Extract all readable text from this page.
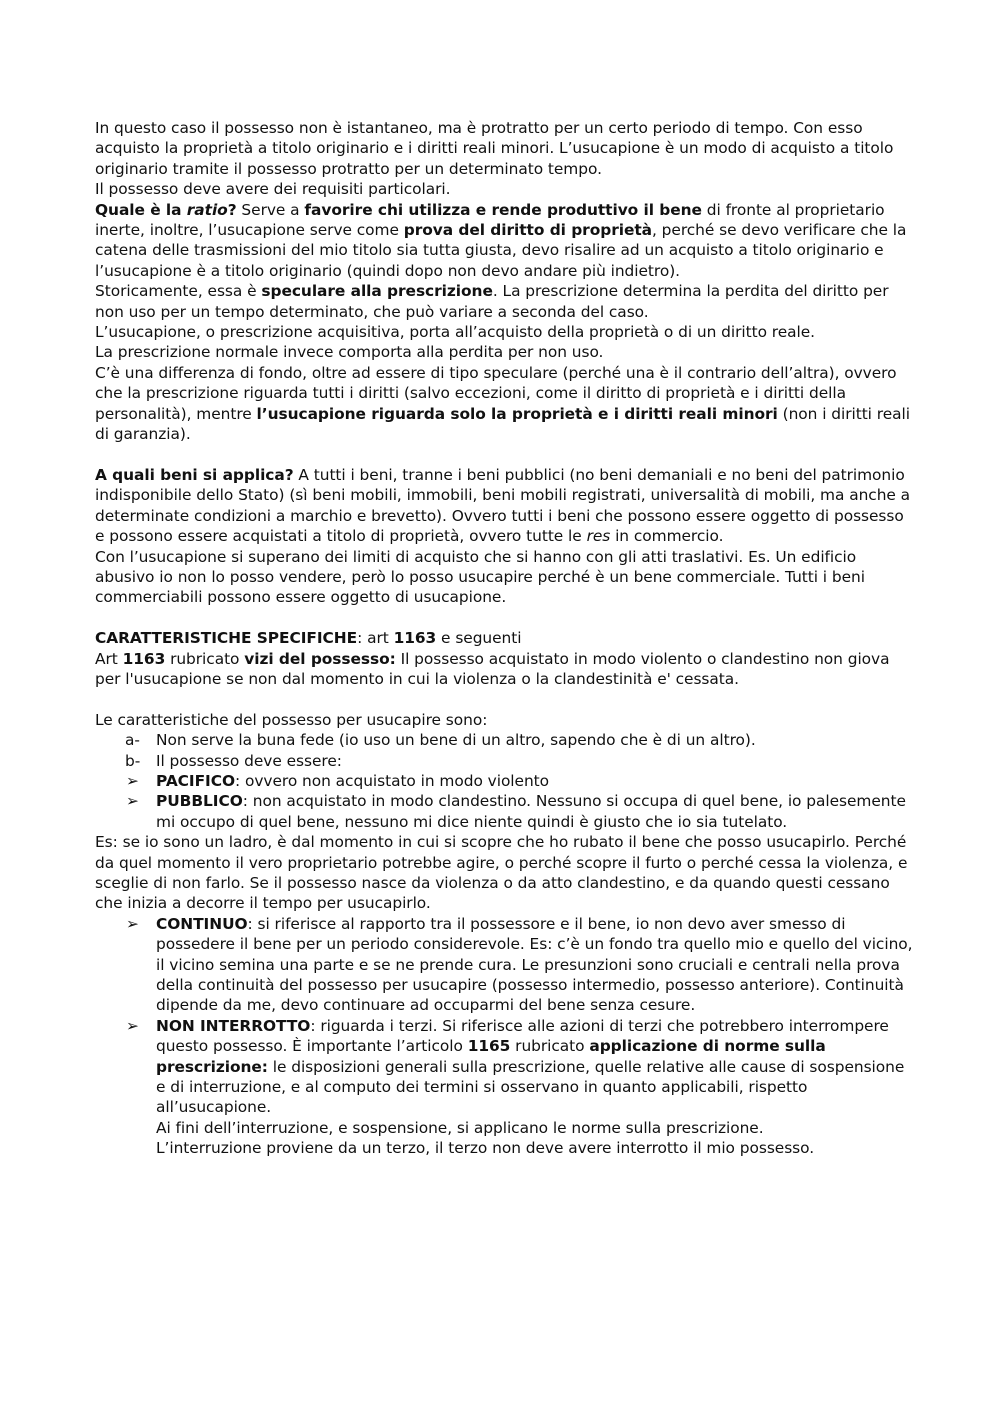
In questo caso il possesso non è istantaneo, ma è protratto per un certo periodo di tempo. Con esso acquisto la proprietà a titolo originario e i diritti reali minori. L’usucapione è un modo di acquisto a titolo originario tramite il possesso protratto per un determinato tempo.

Il possesso deve avere dei requisiti particolari.

Quale è la ratio? Serve a favorire chi utilizza e rende produttivo il bene di fronte al proprietario inerte, inoltre, l’usucapione serve come prova del diritto di proprietà, perché se devo verificare che la catena delle trasmissioni del mio titolo sia tutta giusta, devo risalire ad un acquisto a titolo originario e l’usucapione è a titolo originario (quindi dopo non devo andare più indietro).

Storicamente, essa è speculare alla prescrizione. La prescrizione determina la perdita del diritto per non uso per un tempo determinato, che può variare a seconda del caso.

L’usucapione, o prescrizione acquisitiva, porta all’acquisto della proprietà o di un diritto reale.

La prescrizione normale invece comporta alla perdita per non uso.

C’è una differenza di fondo, oltre ad essere di tipo speculare (perché una è il contrario dell’altra), ovvero che la prescrizione riguarda tutti i diritti (salvo eccezioni, come il diritto di proprietà e i diritti della personalità), mentre l’usucapione riguarda solo la proprietà e i diritti reali minori (non i diritti reali di garanzia).

A quali beni si applica? A tutti i beni, tranne i beni pubblici (no beni demaniali e no beni del patrimonio indisponibile dello Stato) (sì beni mobili, immobili, beni mobili registrati, universalità di mobili, ma anche a determinate condizioni a marchio e brevetto). Ovvero tutti i beni che possono essere oggetto di possesso e possono essere acquistati a titolo di proprietà, ovvero tutte le res in commercio.

Con l’usucapione si superano dei limiti di acquisto che si hanno con gli atti traslativi. Es. Un edificio abusivo io non lo posso vendere, però lo posso usucapire perché è un bene commerciale. Tutti i beni commerciabili possono essere oggetto di usucapione.

CARATTERISTICHE SPECIFICHE: art 1163 e seguenti

Art 1163 rubricato vizi del possesso: Il possesso acquistato in modo violento o clandestino non giova per l'usucapione se non dal momento in cui la violenza o la clandestinità e' cessata.

Le caratteristiche del possesso per usucapire sono:

a-	Non serve la buna fede (io uso un bene di un altro, sapendo che è di un altro).
b-	Il possesso deve essere:
➢	PACIFICO: ovvero non acquistato in modo violento
➢	PUBBLICO: non acquistato in modo clandestino. Nessuno si occupa di quel bene, io palesemente mi occupo di quel bene, nessuno mi dice niente quindi è giusto che io sia tutelato.

Es: se io sono un ladro, è dal momento in cui si scopre che ho rubato il bene che posso usucapirlo. Perché da quel momento il vero proprietario potrebbe agire, o perché scopre il furto o perché cessa la violenza, e sceglie di non farlo. Se il possesso nasce da violenza o da atto clandestino, e da quando questi cessano che inizia a decorre il tempo per usucapirlo.

➢	CONTINUO: si riferisce al rapporto tra il possessore e il bene, io non devo aver smesso di possedere il bene per un periodo considerevole. Es: c’è un fondo tra quello mio e quello del vicino, il vicino semina una parte e se ne prende cura. Le presunzioni sono cruciali e centrali nella prova della continuità del possesso per usucapire (possesso intermedio, possesso anteriore). Continuità dipende da me, devo continuare ad occuparmi del bene senza cesure.
➢	NON INTERROTTO: riguarda i terzi. Si riferisce alle azioni di terzi che potrebbero interrompere questo possesso. È importante l’articolo 1165 rubricato applicazione di norme sulla prescrizione: le disposizioni generali sulla prescrizione, quelle relative alle cause di sospensione e di interruzione, e al computo dei termini si osservano in quanto applicabili, rispetto all’usucapione.

Ai fini dell’interruzione, e sospensione, si applicano le norme sulla prescrizione.

L’interruzione proviene da un terzo, il terzo non deve avere interrotto il mio possesso.
